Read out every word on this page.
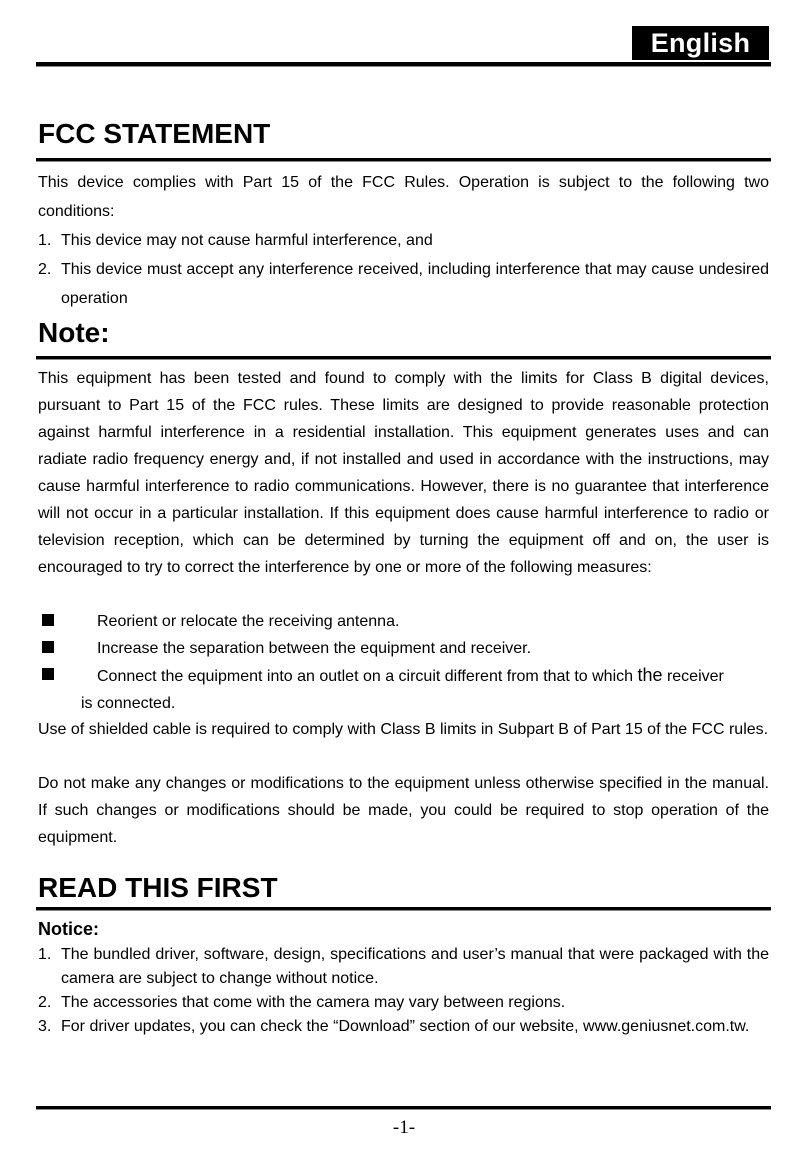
English
FCC STATEMENT

This device complies with Part 15 of the FCC Rules. Operation is subject to the following two conditions:

1. This device may not cause harmful interference, and
2. This device must accept any interference received, including interference that may cause undesired operation
Note:

This equipment has been tested and found to comply with the limits for Class B digital devices, pursuant to Part 15 of the FCC rules. These limits are designed to provide reasonable protection against harmful interference in a residential installation. This equipment generates uses and can radiate radio frequency energy and, if not installed and used in accordance with the instructions, may cause harmful interference to radio communications. However, there is no guarantee that interference will not occur in a particular installation. If this equipment does cause harmful interference to radio or television reception, which can be determined by turning the equipment off and on, the user is encouraged to try to correct the interference by one or more of the following measures:

Reorient or relocate the receiving antenna.
Increase the separation between the equipment and receiver.
Connect the equipment into an outlet on a circuit different from that to which the receiver
is connected.

Use of shielded cable is required to comply with Class B limits in Subpart B of Part 15 of the FCC rules.

Do not make any changes or modifications to the equipment unless otherwise specified in the manual. If such changes or modifications should be made, you could be required to stop operation of the equipment.

READ THIS FIRST
Notice:
1. The bundled driver, software, design, specifications and user’s manual that were packaged with the camera are subject to change without notice.
2. The accessories that come with the camera may vary between regions.
3. For driver updates, you can check the “Download” section of our website, www.geniusnet.com.tw.
-1-
